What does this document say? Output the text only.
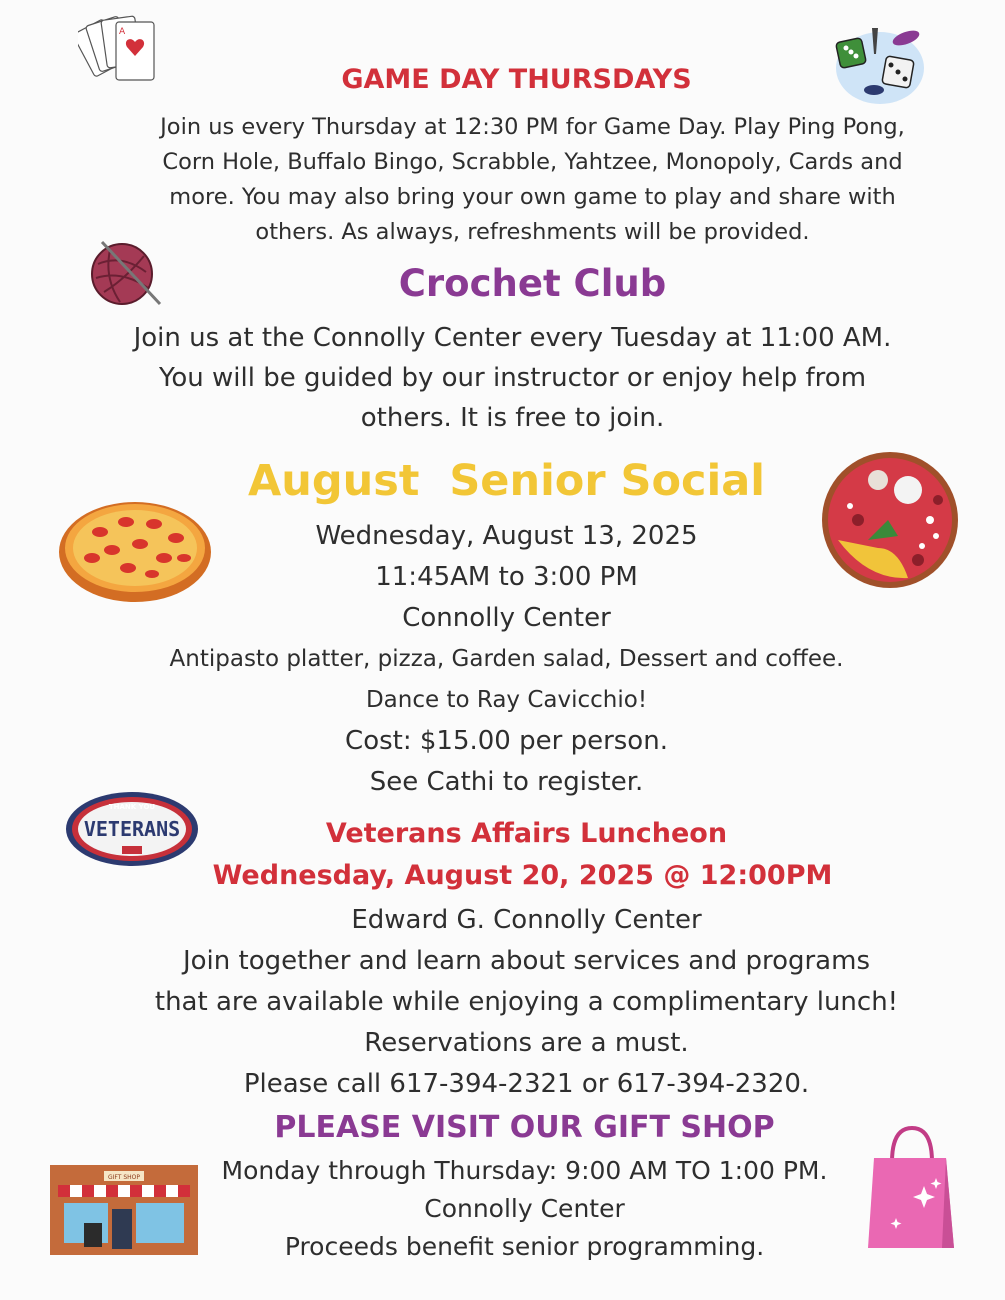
GAME DAY THURSDAYS
Join us every Thursday at 12:30 PM for Game Day. Play Ping Pong,
Corn Hole, Buffalo Bingo, Scrabble, Yahtzee, Monopoly, Cards and
more. You may also bring your own game to play and share with
others. As always, refreshments will be provided.
Crochet Club
Join us at the Connolly Center every Tuesday at 11:00 AM.
You will be guided by our instructor or enjoy help from
others. It is free to join.
August  Senior Social
Wednesday, August 13, 2025
11:45AM to 3:00 PM
Connolly Center
Antipasto platter, pizza, Garden salad, Dessert and coffee.
Dance to Ray Cavicchio!
Cost: $15.00 per person.
See Cathi to register.
Veterans Affairs Luncheon
Wednesday, August 20, 2025 @ 12:00PM
Edward G. Connolly Center
Join together and learn about services and programs
that are available while enjoying a complimentary lunch!
Reservations are a must.
Please call 617-394-2321 or 617-394-2320.
PLEASE VISIT OUR GIFT SHOP
Monday through Thursday: 9:00 AM TO 1:00 PM.
Connolly Center
Proceeds benefit senior programming.
A
THANK YOU
VETERANS
GIFT SHOP
